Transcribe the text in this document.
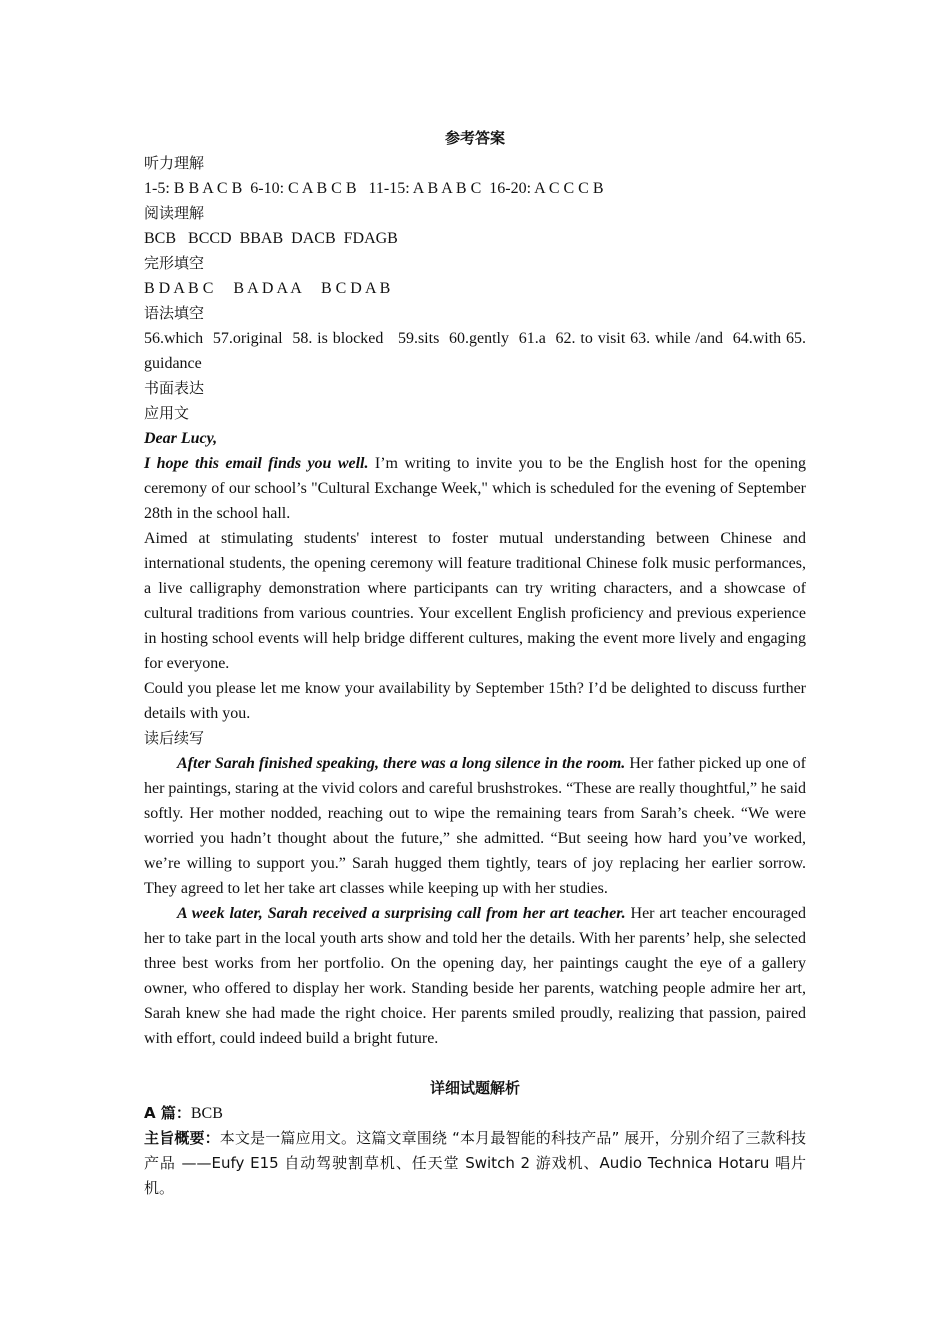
参考答案
听力理解
1-5: B B A C B  6-10: C A B C B   11-15: A B A B C  16-20: A C C C B
阅读理解
BCB   BCCD  BBAB  DACB  FDAGB
完形填空
B D A B C     B A D A A     B C D A B
语法填空
56.which  57.original  58. is blocked   59.sits  60.gently  61.a  62. to visit 63. while /and  64.with 65. guidance
书面表达
应用文
Dear Lucy,

I hope this email finds you well. I’m writing to invite you to be the English host for the opening ceremony of our school’s "Cultural Exchange Week," which is scheduled for the evening of September 28th in the school hall.

Aimed at stimulating students' interest to foster mutual understanding between Chinese and international students, the opening ceremony will feature traditional Chinese folk music performances, a live calligraphy demonstration where participants can try writing characters, and a showcase of cultural traditions from various countries. Your excellent English proficiency and previous experience in hosting school events will help bridge different cultures, making the event more lively and engaging for everyone.

Could you please let me know your availability by September 15th? I’d be delighted to discuss further details with you.

读后续写

After Sarah finished speaking, there was a long silence in the room. Her father picked up one of her paintings, staring at the vivid colors and careful brushstrokes. “These are really thoughtful,” he said softly. Her mother nodded, reaching out to wipe the remaining tears from Sarah’s cheek. “We were worried you hadn’t thought about the future,” she admitted. “But seeing how hard you’ve worked, we’re willing to support you.” Sarah hugged them tightly, tears of joy replacing her earlier sorrow. They agreed to let her take art classes while keeping up with her studies.

A week later, Sarah received a surprising call from her art teacher. Her art teacher encouraged her to take part in the local youth arts show and told her the details. With her parents’ help, she selected three best works from her portfolio. On the opening day, her paintings caught the eye of a gallery owner, who offered to display her work. Standing beside her parents, watching people admire her art, Sarah knew she had made the right choice. Her parents smiled proudly, realizing that passion, paired with effort, could indeed build a bright future.

详细试题解析
A 篇：BCB

主旨概要：本文是一篇应用文。这篇文章围绕 “本月最智能的科技产品” 展开，分别介绍了三款科技产品 ——Eufy E15 自动驾驶割草机、任天堂 Switch 2 游戏机、Audio Technica Hotaru 唱片机。
